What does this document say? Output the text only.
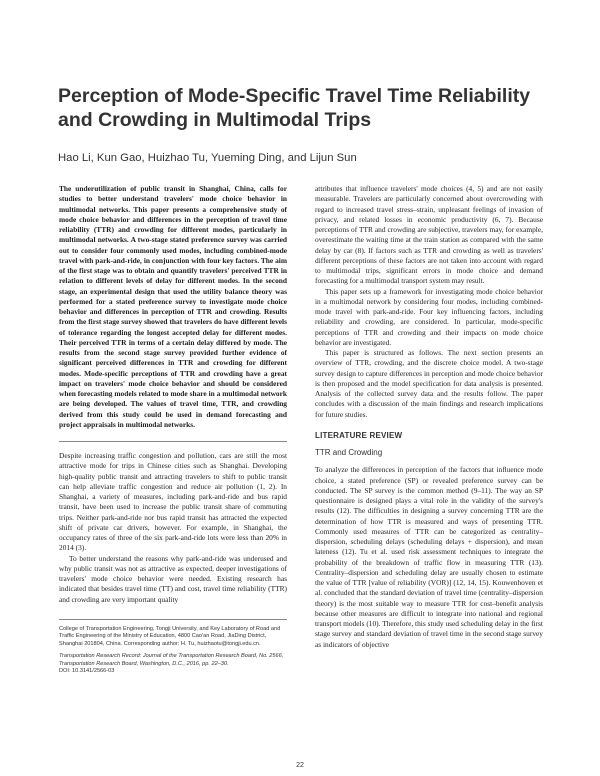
Perception of Mode-Specific Travel Time Reliability and Crowding in Multimodal Trips
Hao Li, Kun Gao, Huizhao Tu, Yueming Ding, and Lijun Sun

The underutilization of public transit in Shanghai, China, calls for studies to better understand travelers' mode choice behavior in multimodal networks. This paper presents a comprehensive study of mode choice behavior and differences in the perception of travel time reliability (TTR) and crowding for different modes, particularly in multimodal networks. A two-stage stated preference survey was carried out to consider four commonly used modes, including combined-mode travel with park-and-ride, in conjunction with four key factors. The aim of the first stage was to obtain and quantify travelers' perceived TTR in relation to different levels of delay for different modes. In the second stage, an experimental design that used the utility balance theory was performed for a stated preference survey to investigate mode choice behavior and differences in perception of TTR and crowding. Results from the first stage survey showed that travelers do have different levels of tolerance regarding the longest accepted delay for different modes. Their perceived TTR in terms of a certain delay differed by mode. The results from the second stage survey provided further evidence of significant perceived differences in TTR and crowding for different modes. Mode-specific perceptions of TTR and crowding have a great impact on travelers' mode choice behavior and should be considered when forecasting models related to mode share in a multimodal network are being developed. The values of travel time, TTR, and crowding derived from this study could be used in demand forecasting and project appraisals in multimodal networks.

Despite increasing traffic congestion and pollution, cars are still the most attractive mode for trips in Chinese cities such as Shanghai. Developing high-quality public transit and attracting travelers to shift to public transit can help alleviate traffic congestion and reduce air pollution (1, 2). In Shanghai, a variety of measures, including park-and-ride and bus rapid transit, have been used to increase the public transit share of commuting trips. Neither park-and-ride nor bus rapid transit has attracted the expected shift of private car drivers, however. For example, in Shanghai, the occupancy rates of three of the six park-and-ride lots were less than 20% in 2014 (3).

To better understand the reasons why park-and-ride was underused and why public transit was not as attractive as expected, deeper investigations of travelers' mode choice behavior were needed. Existing research has indicated that besides travel time (TT) and cost, travel time reliability (TTR) and crowding are very important quality

College of Transportation Engineering, Tongji University, and Key Laboratory of Road and Traffic Engineering of the Ministry of Education, 4800 Cao'an Road, JiaDing District, Shanghai 201804, China. Corresponding author: H. Tu, huizhaotu@tongji.edu.cn.

Transportation Research Record: Journal of the Transportation Research Board, No. 2566, Transportation Research Board, Washington, D.C., 2016, pp. 22–30.

DOI: 10.3141/2566-03

attributes that influence travelers' mode choices (4, 5) and are not easily measurable. Travelers are particularly concerned about overcrowding with regard to increased travel stress–strain, unpleasant feelings of invasion of privacy, and related losses in economic productivity (6, 7). Because perceptions of TTR and crowding are subjective, travelers may, for example, overestimate the waiting time at the train station as compared with the same delay by car (8). If factors such as TTR and crowding as well as travelers' different perceptions of these factors are not taken into account with regard to multimodal trips, significant errors in mode choice and demand forecasting for a multimodal transport system may result.

This paper sets up a framework for investigating mode choice behavior in a multimodal network by considering four modes, including combined-mode travel with park-and-ride. Four key influencing factors, including reliability and crowding, are considered. In particular, mode-specific perceptions of TTR and crowding and their impacts on mode choice behavior are investigated.

This paper is structured as follows. The next section presents an overview of TTR, crowding, and the discrete choice model. A two-stage survey design to capture differences in perception and mode choice behavior is then proposed and the model specification for data analysis is presented. Analysis of the collected survey data and the results follow. The paper concludes with a discussion of the main findings and research implications for future studies.

LITERATURE REVIEW

TTR and Crowding

To analyze the differences in perception of the factors that influence mode choice, a stated preference (SP) or revealed preference survey can be conducted. The SP survey is the common method (9–11). The way an SP questionnaire is designed plays a vital role in the validity of the survey's results (12). The difficulties in designing a survey concerning TTR are the determination of how TTR is measured and ways of presenting TTR. Commonly used measures of TTR can be categorized as centrality–dispersion, scheduling delays (scheduling delays + dispersion), and mean lateness (12). Tu et al. used risk assessment techniques to integrate the probability of the breakdown of traffic flow in measuring TTR (13). Centrality–dispersion and scheduling delay are usually chosen to estimate the value of TTR [value of reliability (VOR)] (12, 14, 15). Kouwenhoven et al. concluded that the standard deviation of travel time (centrality–dispersion theory) is the most suitable way to measure TTR for cost–benefit analysis because other measures are difficult to integrate into national and regional transport models (10). Therefore, this study used scheduling delay in the first stage survey and standard deviation of travel time in the second stage survey as indicators of objective

22
